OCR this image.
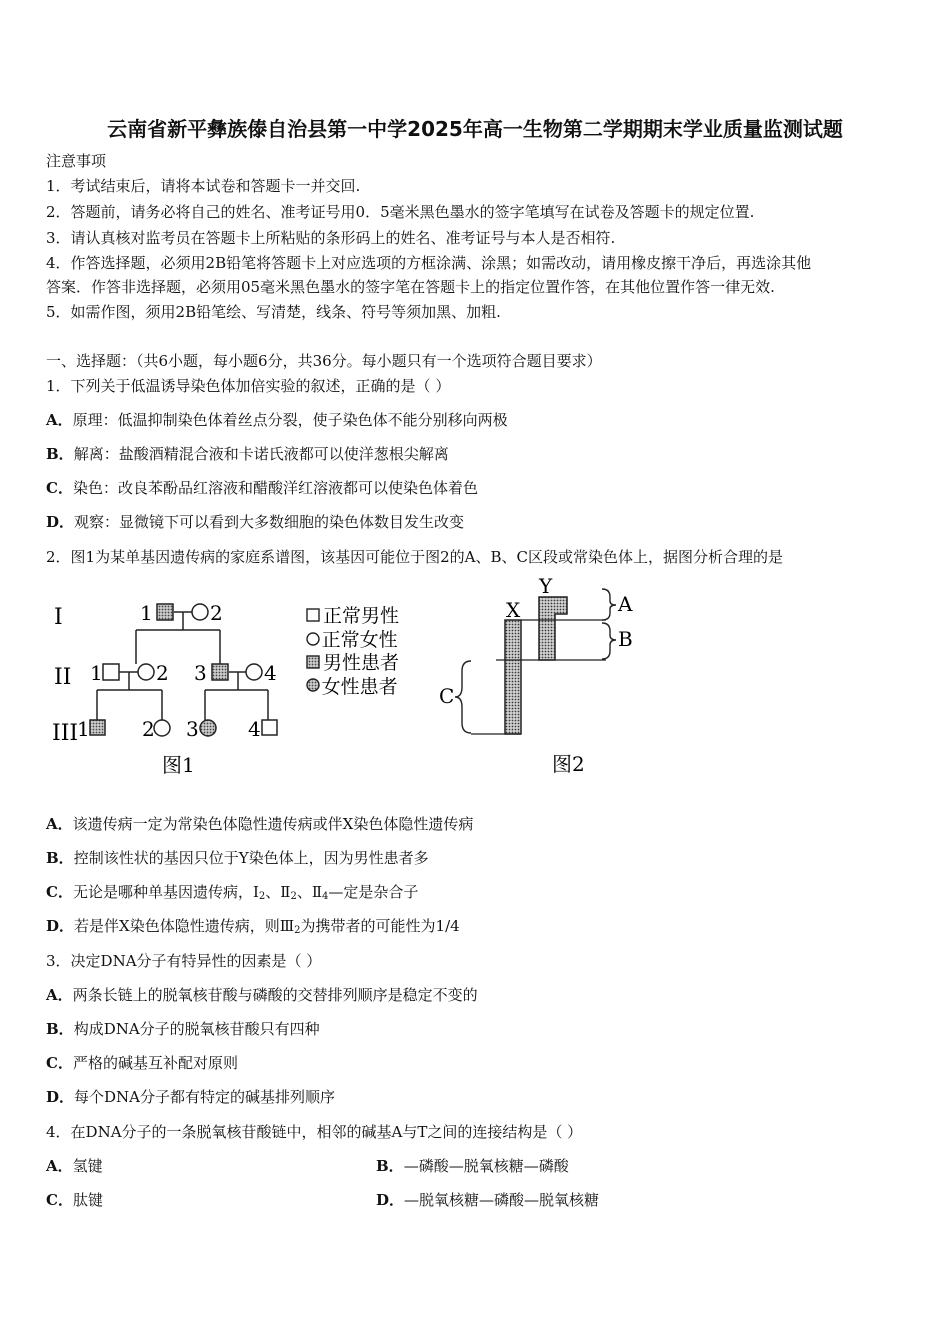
云南省新平彝族傣自治县第一中学2025年高一生物第二学期期末学业质量监测试题
注意事项
1．考试结束后，请将本试卷和答题卡一并交回.
2．答题前，请务必将自己的姓名、准考证号用0．5毫米黑色墨水的签字笔填写在试卷及答题卡的规定位置.
3．请认真核对监考员在答题卡上所粘贴的条形码上的姓名、准考证号与本人是否相符.
4．作答选择题，必须用2B铅笔将答题卡上对应选项的方框涂满、涂黑；如需改动，请用橡皮擦干净后，再选涂其他
答案．作答非选择题，必须用05毫米黑色墨水的签字笔在答题卡上的指定位置作答，在其他位置作答一律无效.
5．如需作图，须用2B铅笔绘、写清楚，线条、符号等须加黑、加粗.
一、选择题：（共6小题，每小题6分，共36分。每小题只有一个选项符合题目要求）
1．下列关于低温诱导染色体加倍实验的叙述，正确的是（ ）
A．原理：低温抑制染色体着丝点分裂，使子染色体不能分别移向两极
B．解离：盐酸酒精混合液和卡诺氏液都可以使洋葱根尖解离
C．染色：改良苯酚品红溶液和醋酸洋红溶液都可以使染色体着色
D．观察：显微镜下可以看到大多数细胞的染色体数目发生改变
2．图1为某单基因遗传病的家庭系谱图，该基因可能位于图2的A、B、C区段或常染色体上，据图分析合理的是
I
II
III
1	2
1	2 3	4
1	2 3 4
图1
□正常男性
○正常女性
■男性患者
●女性患者
X
Y
A
B
C
图2
A．该遗传病一定为常染色体隐性遗传病或伴X染色体隐性遗传病
B．控制该性状的基因只位于Y染色体上，因为男性患者多
C．无论是哪种单基因遗传病，$Ⅰ_2$、$Ⅱ_2$、$Ⅱ_4—$定是杂合子
D．若是伴X染色体隐性遗传病，则$Ⅲ_2$为携带者的可能性为1/4
3．决定DNA分子有特异性的因素是（ ）
A．两条长链上的脱氧核苷酸与磷酸的交替排列顺序是稳定不变的
B．构成DNA分子的脱氧核苷酸只有四种
C．严格的碱基互补配对原则
D．每个DNA分子都有特定的碱基排列顺序
4．在DNA分子的一条脱氧核苷酸链中，相邻的碱基A与T之间的连接结构是（ ）
A．氢键	B．—磷酸—脱氧核糖—磷酸
C．肽键	D．—脱氧核糖—磷酸—脱氧核糖
